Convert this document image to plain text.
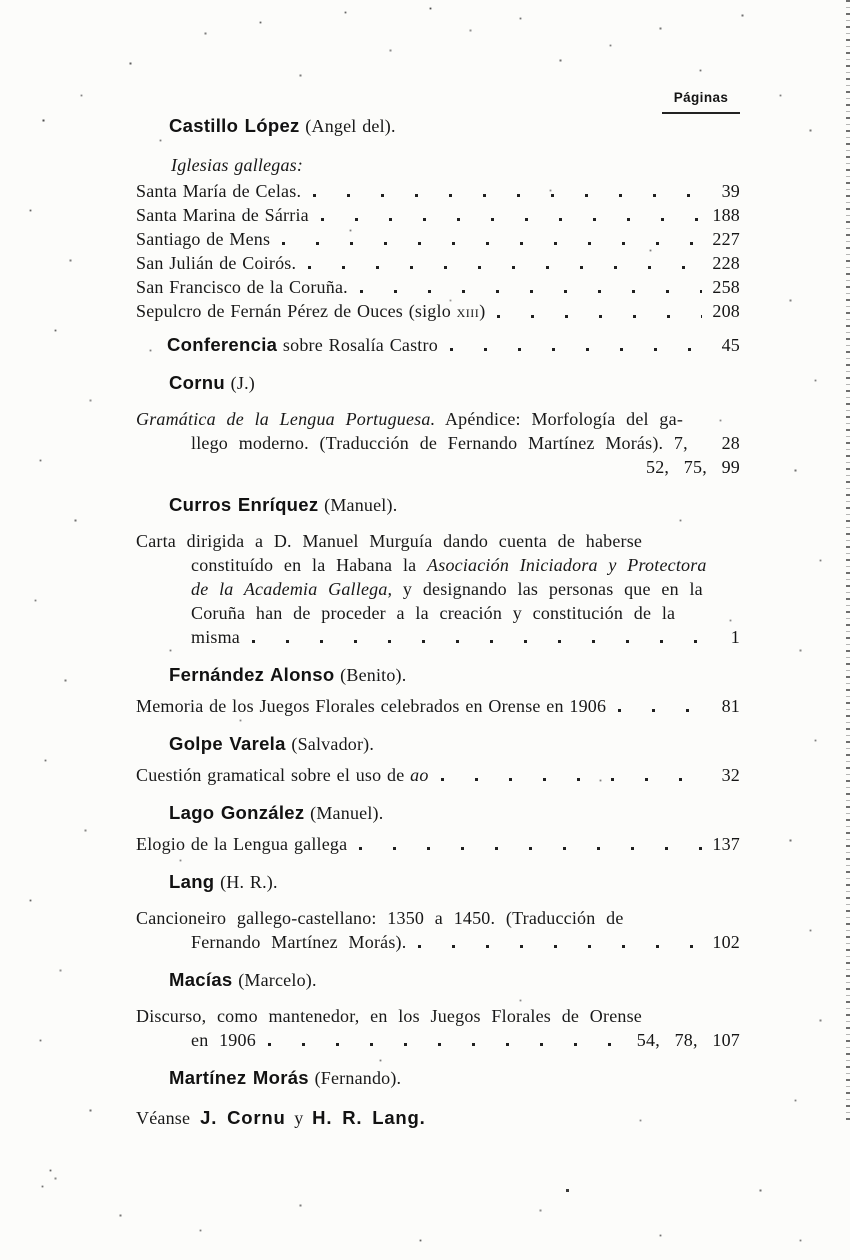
Páginas
Castillo López (Angel del).
Iglesias gallegas:
Santa María de Celas.	39
Santa Marina de Sárria	188
Santiago de Mens	227
San Julián de Coirós.	228
San Francisco de la Coruña.	258
Sepulcro de Fernán Pérez de Ouces (siglo xiii )	208
Conferencia sobre Rosalía Castro	45
Cornu (J.)
Gramática de la Lengua Portuguesa. Apéndice: Morfología del ga-
llego moderno. (Traducción de Fernando Martínez Morás). 7, 28
52, 75, 99
Curros Enríquez (Manuel).
Carta dirigida a D. Manuel Murguía dando cuenta de haberse
constituído en la Habana la Asociación Iniciadora y Protectora
de la Academia Gallega, y designando las personas que en la
Coruña han de proceder a la creación y constitución de la
misma	1
Fernández Alonso (Benito).
Memoria de los Juegos Florales celebrados en Orense en 1906	81
Golpe Varela (Salvador).
Cuestión gramatical sobre el uso de ao	32
Lago González (Manuel).
Elogio de la Lengua gallega	137
Lang (H. R.).
Cancioneiro gallego-castellano: 1350 a 1450. (Traducción de
Fernando Martínez Morás).	102
Macías (Marcelo).
Discurso, como mantenedor, en los Juegos Florales de Orense
en 1906	54, 78, 107
Martínez Morás (Fernando).
Véanse J. Cornu y H. R. Lang.
